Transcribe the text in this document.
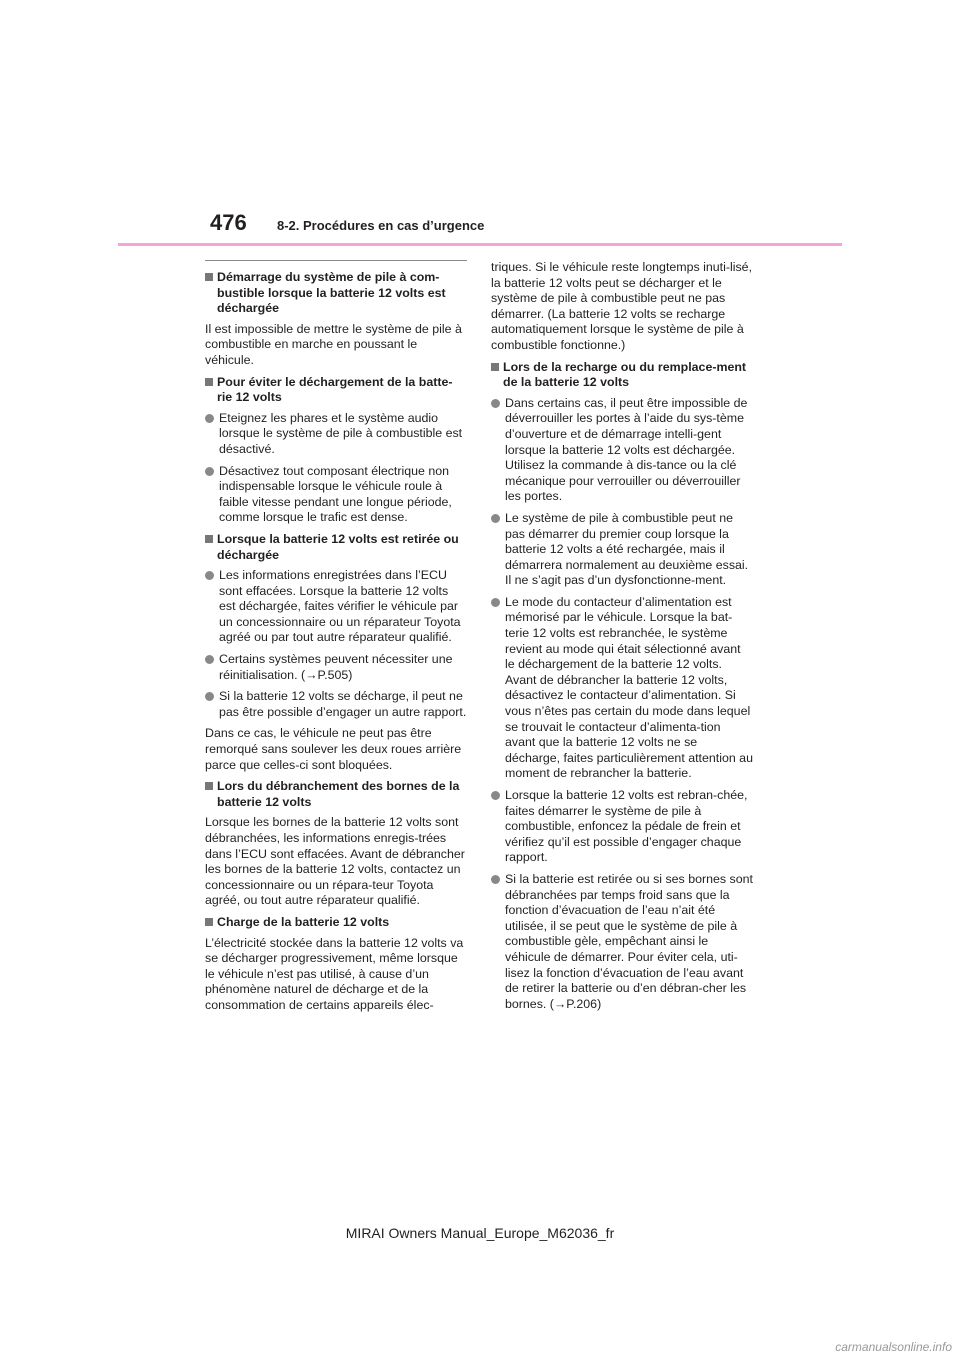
476 8-2. Procédures en cas d’urgence
Démarrage du système de pile à com-bustible lorsque la batterie 12 volts est déchargée
Il est impossible de mettre le système de pile à combustible en marche en poussant le véhicule.
Pour éviter le déchargement de la batte-rie 12 volts
Eteignez les phares et le système audio lorsque le système de pile à combustible est désactivé.
Désactivez tout composant électrique non indispensable lorsque le véhicule roule à faible vitesse pendant une longue période, comme lorsque le trafic est dense.
Lorsque la batterie 12 volts est retirée ou déchargée
Les informations enregistrées dans l’ECU sont effacées. Lorsque la batterie 12 volts est déchargée, faites vérifier le véhicule par un concessionnaire ou un réparateur Toyota agréé ou par tout autre réparateur qualifié.
Certains systèmes peuvent nécessiter une réinitialisation. (→P.505)
Si la batterie 12 volts se décharge, il peut ne pas être possible d’engager un autre rapport.
Dans ce cas, le véhicule ne peut pas être remorqué sans soulever les deux roues arrière parce que celles-ci sont bloquées.
Lors du débranchement des bornes de la batterie 12 volts
Lorsque les bornes de la batterie 12 volts sont débranchées, les informations enregis-trées dans l’ECU sont effacées. Avant de débrancher les bornes de la batterie 12 volts, contactez un concessionnaire ou un répara-teur Toyota agréé, ou tout autre réparateur qualifié.
Charge de la batterie 12 volts
L’électricité stockée dans la batterie 12 volts va se décharger progressivement, même lorsque le véhicule n’est pas utilisé, à cause d’un phénomène naturel de décharge et de la consommation de certains appareils élec-
triques. Si le véhicule reste longtemps inuti-lisé, la batterie 12 volts peut se décharger et le système de pile à combustible peut ne pas démarrer. (La batterie 12 volts se recharge automatiquement lorsque le système de pile à combustible fonctionne.)
Lors de la recharge ou du remplace-ment de la batterie 12 volts
Dans certains cas, il peut être impossible de déverrouiller les portes à l’aide du sys-tème d’ouverture et de démarrage intelli-gent lorsque la batterie 12 volts est déchargée. Utilisez la commande à dis-tance ou la clé mécanique pour verrouiller ou déverrouiller les portes.
Le système de pile à combustible peut ne pas démarrer du premier coup lorsque la batterie 12 volts a été rechargée, mais il démarrera normalement au deuxième essai. Il ne s’agit pas d’un dysfonctionne-ment.
Le mode du contacteur d’alimentation est mémorisé par le véhicule. Lorsque la bat-terie 12 volts est rebranchée, le système revient au mode qui était sélectionné avant le déchargement de la batterie 12 volts. Avant de débrancher la batterie 12 volts, désactivez le contacteur d’alimentation. Si vous n’êtes pas certain du mode dans lequel se trouvait le contacteur d’alimenta-tion avant que la batterie 12 volts ne se décharge, faites particulièrement attention au moment de rebrancher la batterie.
Lorsque la batterie 12 volts est rebran-chée, faites démarrer le système de pile à combustible, enfoncez la pédale de frein et vérifiez qu’il est possible d’engager chaque rapport.
Si la batterie est retirée ou si ses bornes sont débranchées par temps froid sans que la fonction d’évacuation de l’eau n’ait été utilisée, il se peut que le système de pile à combustible gèle, empêchant ainsi le véhicule de démarrer. Pour éviter cela, uti-lisez la fonction d’évacuation de l’eau avant de retirer la batterie ou d’en débran-cher les bornes. (→P.206)
MIRAI Owners Manual_Europe_M62036_fr
carmanualsonline.info
